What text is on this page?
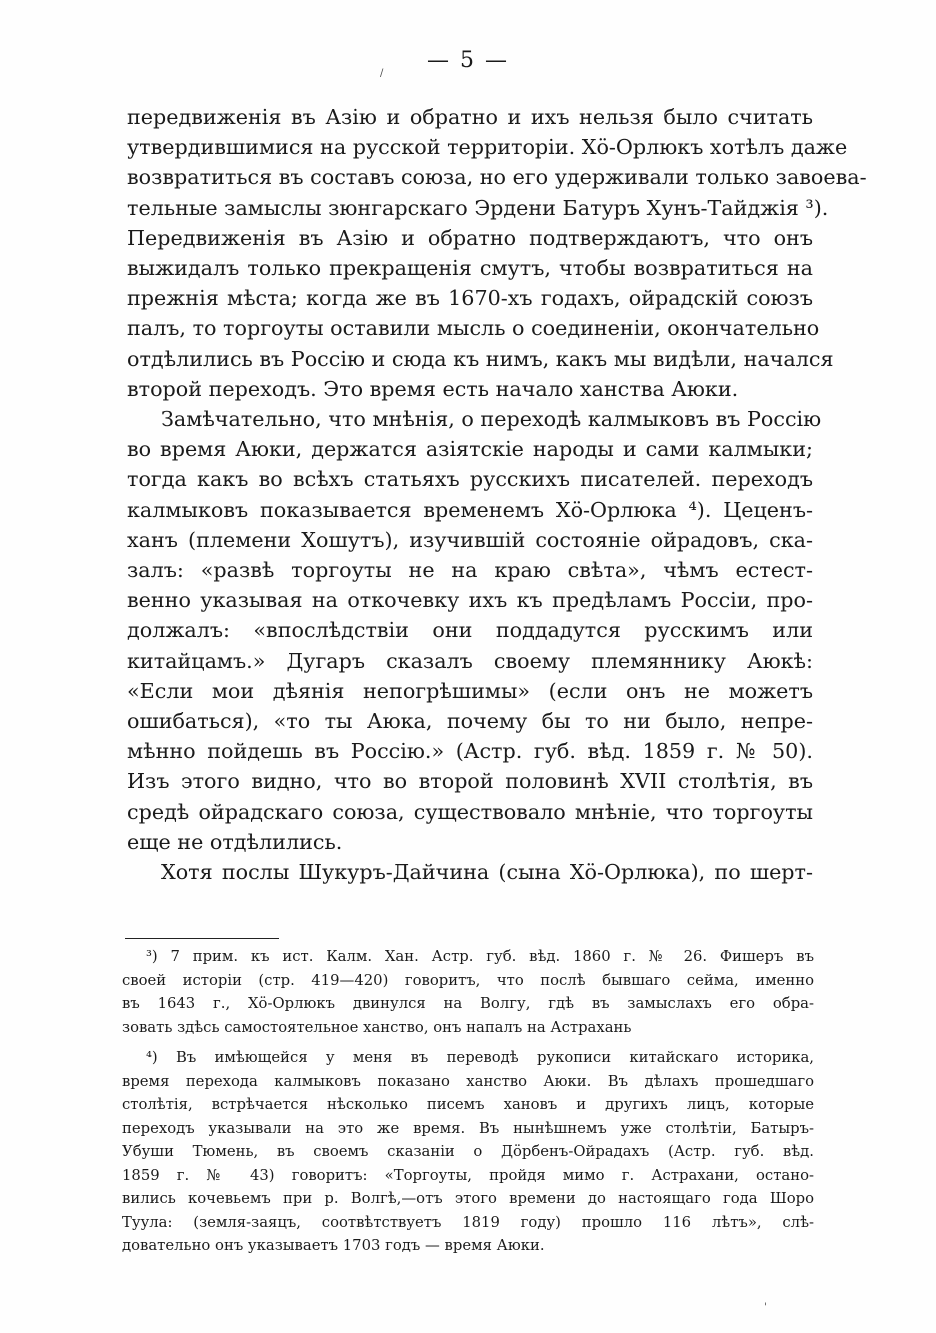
— 5 —
передвиженія въ Азію и обратно и ихъ нельзя было считать
утвердившимися на русской территоріи. Хӧ-Орлюкъ хотѣлъ даже
возвратиться въ составъ союза, но его удерживали только завоева-
тельные замыслы зюнгарскаго Эрдени Батуръ Хунъ-Тайджія ³).
Передвиженія въ Азію и обратно подтверждаютъ, что онъ
выжидалъ только прекращенія смутъ, чтобы возвратиться на
прежнія мѣста; когда же въ 1670-хъ годахъ, ойрадскій союзъ
палъ, то торгоуты оставили мысль о соединеніи, окончательно
отдѣлились въ Россію и сюда къ нимъ, какъ мы видѣли, начался
второй переходъ. Это время есть начало ханства Аюки.
Замѣчательно, что мнѣнія, о переходѣ калмыковъ въ Россію
во время Аюки, держатся азіятскіе народы и сами калмыки;
тогда какъ во всѣхъ статьяхъ русскихъ писателей. переходъ
калмыковъ показывается временемъ Хӧ-Орлюка ⁴). Цеценъ-
ханъ (племени Хошутъ), изучившій состояніе ойрадовъ, ска-
залъ: «развѣ торгоуты не на краю свѣта», чѣмъ естест-
венно указывая на откочевку ихъ къ предѣламъ Россіи, про-
должалъ: «впослѣдствіи они поддадутся русскимъ или
китайцамъ.» Дугаръ сказалъ своему племяннику Аюкѣ:
«Если мои дѣянія непогрѣшимы» (если онъ не можетъ
ошибаться), «то ты Аюка, почему бы то ни было, непре-
мѣнно пойдешь въ Россію.» (Астр. губ. вѣд. 1859 г. № 50).
Изъ этого видно, что во второй половинѣ XVII столѣтія, въ
средѣ ойрадскаго союза, существовало мнѣніе, что торгоуты
еще не отдѣлились.
Хотя послы Шукуръ-Дайчина (сына Хӧ-Орлюка), по шерт-
³) 7 прим. къ ист. Калм. Хан. Астр. губ. вѣд. 1860 г. № 26. Фишеръ въ
своей исторіи (стр. 419—420) говоритъ, что послѣ бывшаго сейма, именно
въ 1643 г., Хӧ-Орлюкъ двинулся на Волгу, гдѣ въ замыслахъ его обра-
зовать здѣсь самостоятельное ханство, онъ напалъ на Астрахань
⁴) Въ имѣющейся у меня въ переводѣ рукописи китайскаго историка,
время перехода калмыковъ показано ханство Аюки. Въ дѣлахъ прошедшаго
столѣтія, встрѣчается нѣсколько писемъ хановъ и другихъ лицъ, которые
переходъ указывали на это же время. Въ нынѣшнемъ уже столѣтіи, Батыръ-
Убуши Тюмень, въ своемъ сказаніи о Дӧрбенъ-Ойрадахъ (Астр. губ. вѣд.
1859 г. № 43) говоритъ: «Торгоуты, пройдя мимо г. Астрахани, остано-
вились кочевьемъ при р. Волгѣ,—отъ этого времени до настоящаго года Шоро
Туула: (земля-заяцъ, соотвѣтствуетъ 1819 году) прошло 116 лѣтъ», слѣ-
довательно онъ указываетъ 1703 годъ — время Аюки.
/
'
